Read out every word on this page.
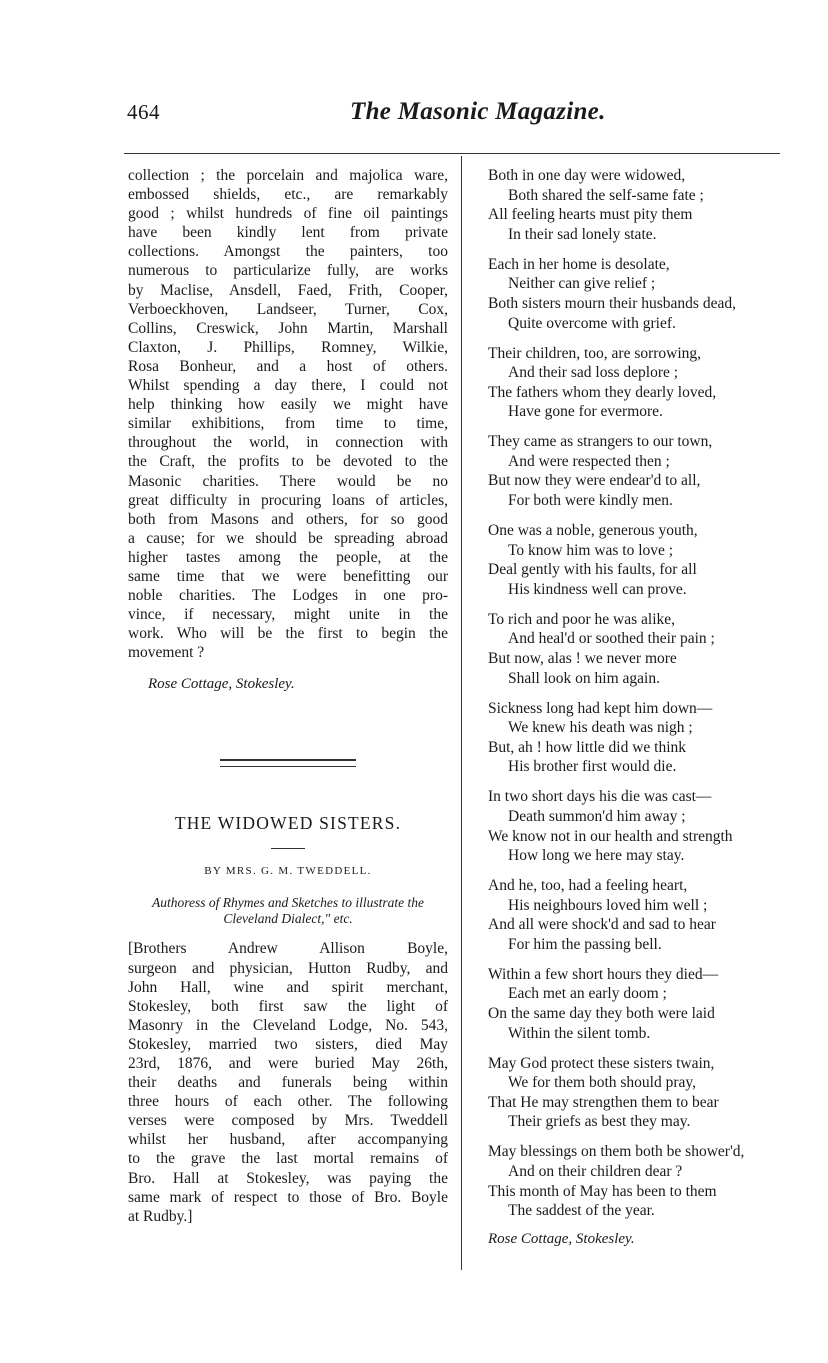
464	The Masonic Magazine.
collection ; the porcelain and majolica ware,
embossed shields, etc., are remarkably
good ; whilst hundreds of fine oil paintings
have been kindly lent from private
collections. Amongst the painters, too
numerous to particularize fully, are works
by Maclise, Ansdell, Faed, Frith, Cooper,
Verboeckhoven, Landseer, Turner, Cox,
Collins, Creswick, John Martin, Marshall
Claxton, J. Phillips, Romney, Wilkie,
Rosa Bonheur, and a host of others.
Whilst spending a day there, I could not
help thinking how easily we might have
similar exhibitions, from time to time,
throughout the world, in connection with
the Craft, the profits to be devoted to the
Masonic charities. There would be no
great difficulty in procuring loans of articles,
both from Masons and others, for so good
a cause; for we should be spreading abroad
higher tastes among the people, at the
same time that we were benefitting our
noble charities. The Lodges in one pro-
vince, if necessary, might unite in the
work. Who will be the first to begin the
movement ?
Rose Cottage, Stokesley.
THE WIDOWED SISTERS.
BY MRS. G. M. TWEDDELL.
Authoress of Rhymes and Sketches to illustrate the
Cleveland Dialect," etc.
[Brothers Andrew Allison Boyle,
surgeon and physician, Hutton Rudby, and
John Hall, wine and spirit merchant,
Stokesley, both first saw the light of
Masonry in the Cleveland Lodge, No. 543,
Stokesley, married two sisters, died May
23rd, 1876, and were buried May 26th,
their deaths and funerals being within
three hours of each other. The following
verses were composed by Mrs. Tweddell
whilst her husband, after accompanying
to the grave the last mortal remains of
Bro. Hall at Stokesley, was paying the
same mark of respect to those of Bro. Boyle
at Rudby.]
Both in one day were widowed,
Both shared the self-same fate ;
All feeling hearts must pity them
In their sad lonely state.
Each in her home is desolate,
Neither can give relief ;
Both sisters mourn their husbands dead,
Quite overcome with grief.
Their children, too, are sorrowing,
And their sad loss deplore ;
The fathers whom they dearly loved,
Have gone for evermore.
They came as strangers to our town,
And were respected then ;
But now they were endear'd to all,
For both were kindly men.
One was a noble, generous youth,
To know him was to love ;
Deal gently with his faults, for all
His kindness well can prove.
To rich and poor he was alike,
And heal'd or soothed their pain ;
But now, alas ! we never more
Shall look on him again.
Sickness long had kept him down—
We knew his death was nigh ;
But, ah ! how little did we think
His brother first would die.
In two short days his die was cast—
Death summon'd him away ;
We know not in our health and strength
How long we here may stay.
And he, too, had a feeling heart,
His neighbours loved him well ;
And all were shock'd and sad to hear
For him the passing bell.
Within a few short hours they died—
Each met an early doom ;
On the same day they both were laid
Within the silent tomb.
May God protect these sisters twain,
We for them both should pray,
That He may strengthen them to bear
Their griefs as best they may.
May blessings on them both be shower'd,
And on their children dear ?
This month of May has been to them
The saddest of the year.
Rose Cottage, Stokesley.
